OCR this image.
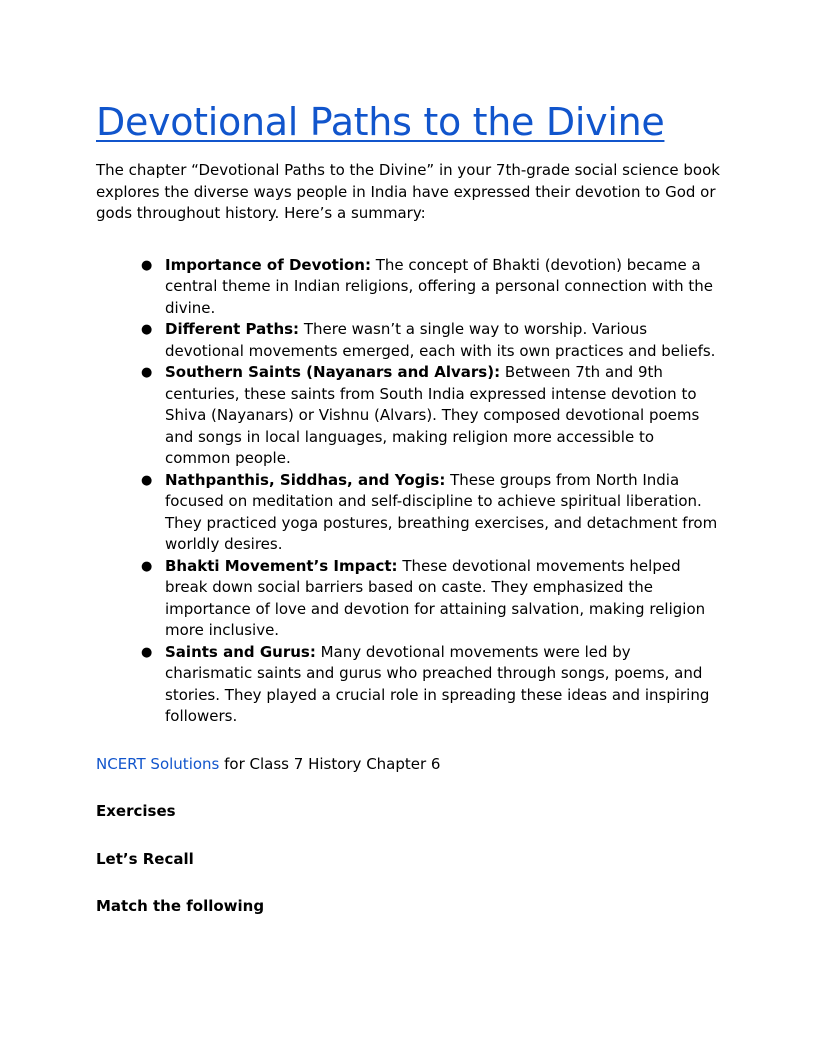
Devotional Paths to the Divine

The chapter “Devotional Paths to the Divine” in your 7th-grade social science book explores the diverse ways people in India have expressed their devotion to God or gods throughout history. Here’s a summary:

● Importance of Devotion: The concept of Bhakti (devotion) became a central theme in Indian religions, offering a personal connection with the divine.
● Different Paths: There wasn’t a single way to worship. Various devotional movements emerged, each with its own practices and beliefs.
● Southern Saints (Nayanars and Alvars): Between 7th and 9th centuries, these saints from South India expressed intense devotion to Shiva (Nayanars) or Vishnu (Alvars). They composed devotional poems and songs in local languages, making religion more accessible to common people.
● Nathpanthis, Siddhas, and Yogis: These groups from North India focused on meditation and self-discipline to achieve spiritual liberation. They practiced yoga postures, breathing exercises, and detachment from worldly desires.
● Bhakti Movement’s Impact: These devotional movements helped break down social barriers based on caste. They emphasized the importance of love and devotion for attaining salvation, making religion more inclusive.
● Saints and Gurus: Many devotional movements were led by charismatic saints and gurus who preached through songs, poems, and stories. They played a crucial role in spreading these ideas and inspiring followers.

NCERT Solutions for Class 7 History Chapter 6

Exercises

Let’s Recall

Match the following
